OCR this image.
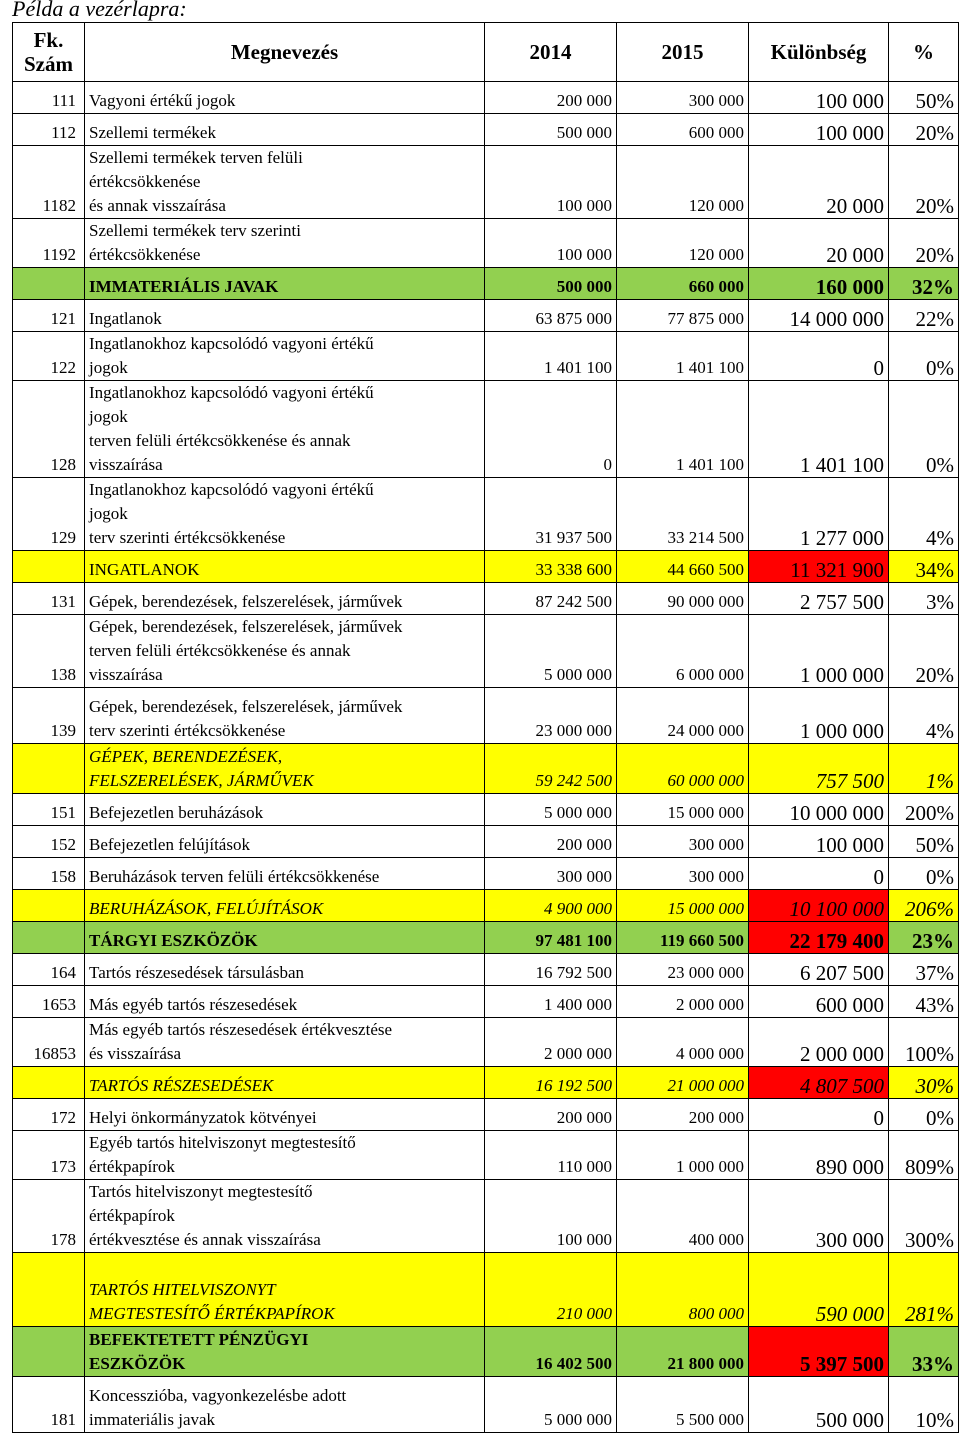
Példa a vezérlapra:
Fk. Szám	Megnevezés	2014	2015	Különbség	%
111	Vagyoni értékű jogok	200 000	300 000	100 000	50%
112	Szellemi termékek	500 000	600 000	100 000	20%
1182	Szellemi termékek terven felüli
értékcsökkenése
és annak visszaírása	100 000	120 000	20 000	20%
1192	Szellemi termékek terv szerinti
értékcsökkenése	100 000	120 000	20 000	20%
	IMMATERIÁLIS JAVAK	500 000	660 000	160 000	32%
121	Ingatlanok	63 875 000	77 875 000	14 000 000	22%
122	Ingatlanokhoz kapcsolódó vagyoni értékű
jogok	1 401 100	1 401 100	0	0%
128	Ingatlanokhoz kapcsolódó vagyoni értékű
jogok
terven felüli értékcsökkenése és annak
visszaírása	0	1 401 100	1 401 100	0%
129	Ingatlanokhoz kapcsolódó vagyoni értékű
jogok
terv szerinti értékcsökkenése	31 937 500	33 214 500	1 277 000	4%
	INGATLANOK	33 338 600	44 660 500	11 321 900	34%
131	Gépek, berendezések, felszerelések, járművek	87 242 500	90 000 000	2 757 500	3%
138	Gépek, berendezések, felszerelések, járművek
terven felüli értékcsökkenése és annak
visszaírása	5 000 000	6 000 000	1 000 000	20%
139	Gépek, berendezések, felszerelések, járművek
terv szerinti értékcsökkenése	23 000 000	24 000 000	1 000 000	4%
	GÉPEK, BERENDEZÉSEK,
FELSZERELÉSEK, JÁRMŰVEK	59 242 500	60 000 000	757 500	1%
151	Befejezetlen beruházások	5 000 000	15 000 000	10 000 000	200%
152	Befejezetlen felújítások	200 000	300 000	100 000	50%
158	Beruházások terven felüli értékcsökkenése	300 000	300 000	0	0%
	BERUHÁZÁSOK, FELÚJÍTÁSOK	4 900 000	15 000 000	10 100 000	206%
	TÁRGYI ESZKÖZÖK	97 481 100	119 660 500	22 179 400	23%
164	Tartós részesedések társulásban	16 792 500	23 000 000	6 207 500	37%
1653	Más egyéb tartós részesedések	1 400 000	2 000 000	600 000	43%
16853	Más egyéb tartós részesedések értékvesztése
és visszaírása	2 000 000	4 000 000	2 000 000	100%
	TARTÓS RÉSZESEDÉSEK	16 192 500	21 000 000	4 807 500	30%
172	Helyi önkormányzatok kötvényei	200 000	200 000	0	0%
173	Egyéb tartós hitelviszonyt megtestesítő
értékpapírok	110 000	1 000 000	890 000	809%
178	Tartós hitelviszonyt megtestesítő
értékpapírok
értékvesztése és annak visszaírása	100 000	400 000	300 000	300%
	TARTÓS HITELVISZONYT
MEGTESTESÍTŐ ÉRTÉKPAPÍROK	210 000	800 000	590 000	281%
	BEFEKTETETT PÉNZÜGYI
ESZKÖZÖK	16 402 500	21 800 000	5 397 500	33%
181	Koncesszióba, vagyonkezelésbe adott
immateriális javak	5 000 000	5 500 000	500 000	10%
